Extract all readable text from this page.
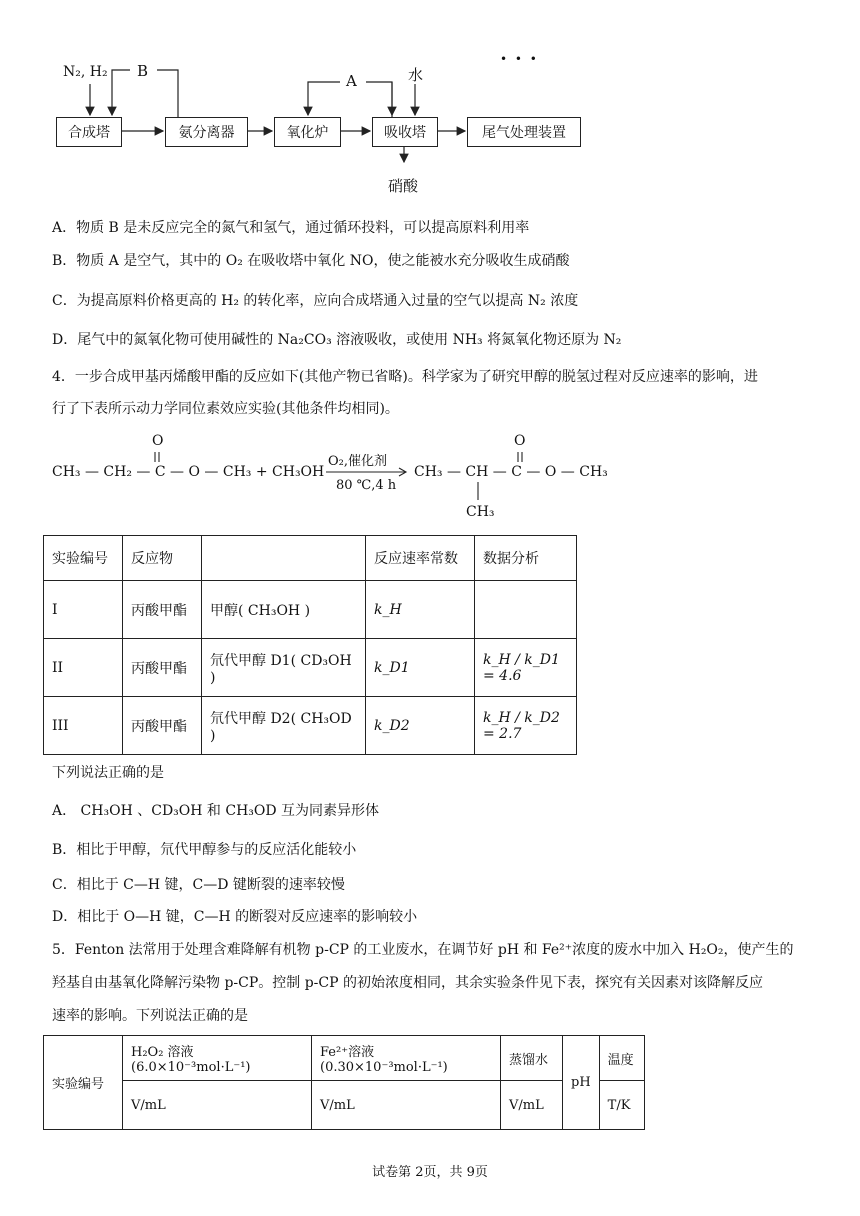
N₂, H₂ B
A	水
• • •
合成塔	氨分离器	氧化炉	吸收塔	尾气处理装置
硝酸
A．物质 B 是未反应完全的氮气和氢气，通过循环投料，可以提高原料利用率
B．物质 A 是空气，其中的 O₂ 在吸收塔中氧化 NO，使之能被水充分吸收生成硝酸
C．为提高原料价格更高的 H₂ 的转化率，应向合成塔通入过量的空气以提高 N₂ 浓度
D．尾气中的氮氧化物可使用碱性的 Na₂CO₃ 溶液吸收，或使用 NH₃ 将氮氧化物还原为 N₂
4．一步合成甲基丙烯酸甲酯的反应如下(其他产物已省略)。科学家为了研究甲醇的脱氢过程对反应速率的影响，进
行了下表所示动力学同位素效应实验(其他条件均相同)。
O
CH₃ — CH₂ — C — O — CH₃ + CH₃OH
O₂,催化剂
80 ℃,4 h
O
CH₃ — CH — C — O — CH₃
CH₃
实验编号	反应物		反应速率常数	数据分析
I	丙酸甲酯	甲醇( CH₃OH )	k_H	
II	丙酸甲酯	氘代甲醇 D1( CD₃OH )	k_D1	k_H / k_D1 = 4.6
III	丙酸甲酯	氘代甲醇 D2( CH₃OD )	k_D2	k_H / k_D2 = 2.7
下列说法正确的是
A． CH₃OH 、CD₃OH 和 CH₃OD 互为同素异形体
B．相比于甲醇，氘代甲醇参与的反应活化能较小
C．相比于 C—H 键，C—D 键断裂的速率较慢
D．相比于 O—H 键，C—H 的断裂对反应速率的影响较小
5．Fenton 法常用于处理含难降解有机物 p-CP 的工业废水，在调节好 pH 和 Fe²⁺浓度的废水中加入 H₂O₂，使产生的
羟基自由基氧化降解污染物 p-CP。控制 p-CP 的初始浓度相同，其余实验条件见下表，探究有关因素对该降解反应
速率的影响。下列说法正确的是
实验编号	H₂O₂ 溶液(6.0×10⁻³mol·L⁻¹)	Fe²⁺溶液(0.30×10⁻³mol·L⁻¹)	蒸馏水	pH	温度
	V/mL	V/mL	V/mL		T/K
试卷第 2页，共 9页
